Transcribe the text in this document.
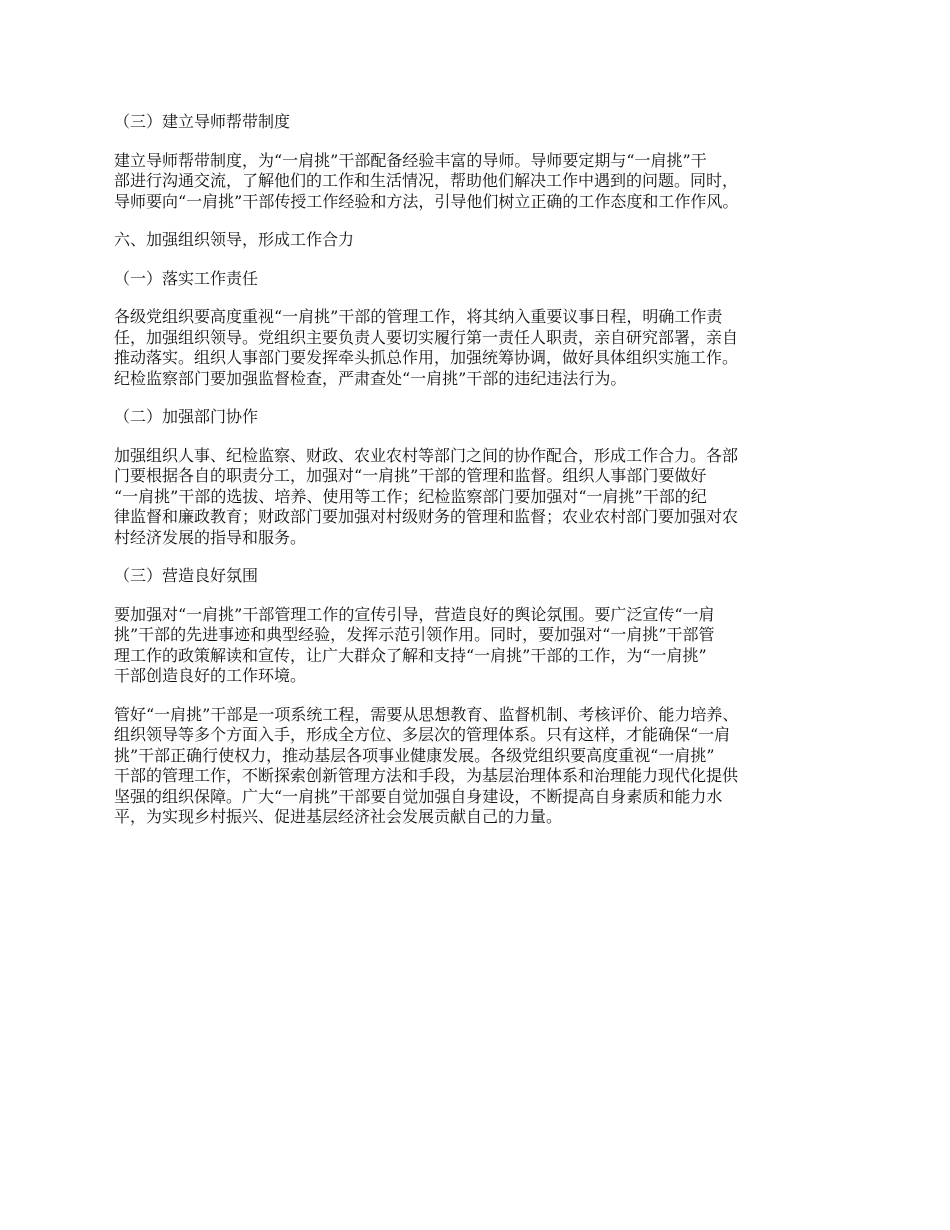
（三）建立导师帮带制度
建立导师帮带制度，为“一肩挑”干部配备经验丰富的导师。导师要定期与“一肩挑”干
部进行沟通交流，了解他们的工作和生活情况，帮助他们解决工作中遇到的问题。同时，
导师要向“一肩挑”干部传授工作经验和方法，引导他们树立正确的工作态度和工作作风。
六、加强组织领导，形成工作合力
（一）落实工作责任
各级党组织要高度重视“一肩挑”干部的管理工作，将其纳入重要议事日程，明确工作责
任，加强组织领导。党组织主要负责人要切实履行第一责任人职责，亲自研究部署，亲自
推动落实。组织人事部门要发挥牵头抓总作用，加强统筹协调，做好具体组织实施工作。
纪检监察部门要加强监督检查，严肃查处“一肩挑”干部的违纪违法行为。
（二）加强部门协作
加强组织人事、纪检监察、财政、农业农村等部门之间的协作配合，形成工作合力。各部
门要根据各自的职责分工，加强对“一肩挑”干部的管理和监督。组织人事部门要做好
“一肩挑”干部的选拔、培养、使用等工作；纪检监察部门要加强对“一肩挑”干部的纪
律监督和廉政教育；财政部门要加强对村级财务的管理和监督；农业农村部门要加强对农
村经济发展的指导和服务。
（三）营造良好氛围
要加强对“一肩挑”干部管理工作的宣传引导，营造良好的舆论氛围。要广泛宣传“一肩
挑”干部的先进事迹和典型经验，发挥示范引领作用。同时，要加强对“一肩挑”干部管
理工作的政策解读和宣传，让广大群众了解和支持“一肩挑”干部的工作，为“一肩挑”
干部创造良好的工作环境。
管好“一肩挑”干部是一项系统工程，需要从思想教育、监督机制、考核评价、能力培养、
组织领导等多个方面入手，形成全方位、多层次的管理体系。只有这样，才能确保“一肩
挑”干部正确行使权力，推动基层各项事业健康发展。各级党组织要高度重视“一肩挑”
干部的管理工作，不断探索创新管理方法和手段，为基层治理体系和治理能力现代化提供
坚强的组织保障。广大“一肩挑”干部要自觉加强自身建设，不断提高自身素质和能力水
平，为实现乡村振兴、促进基层经济社会发展贡献自己的力量。
